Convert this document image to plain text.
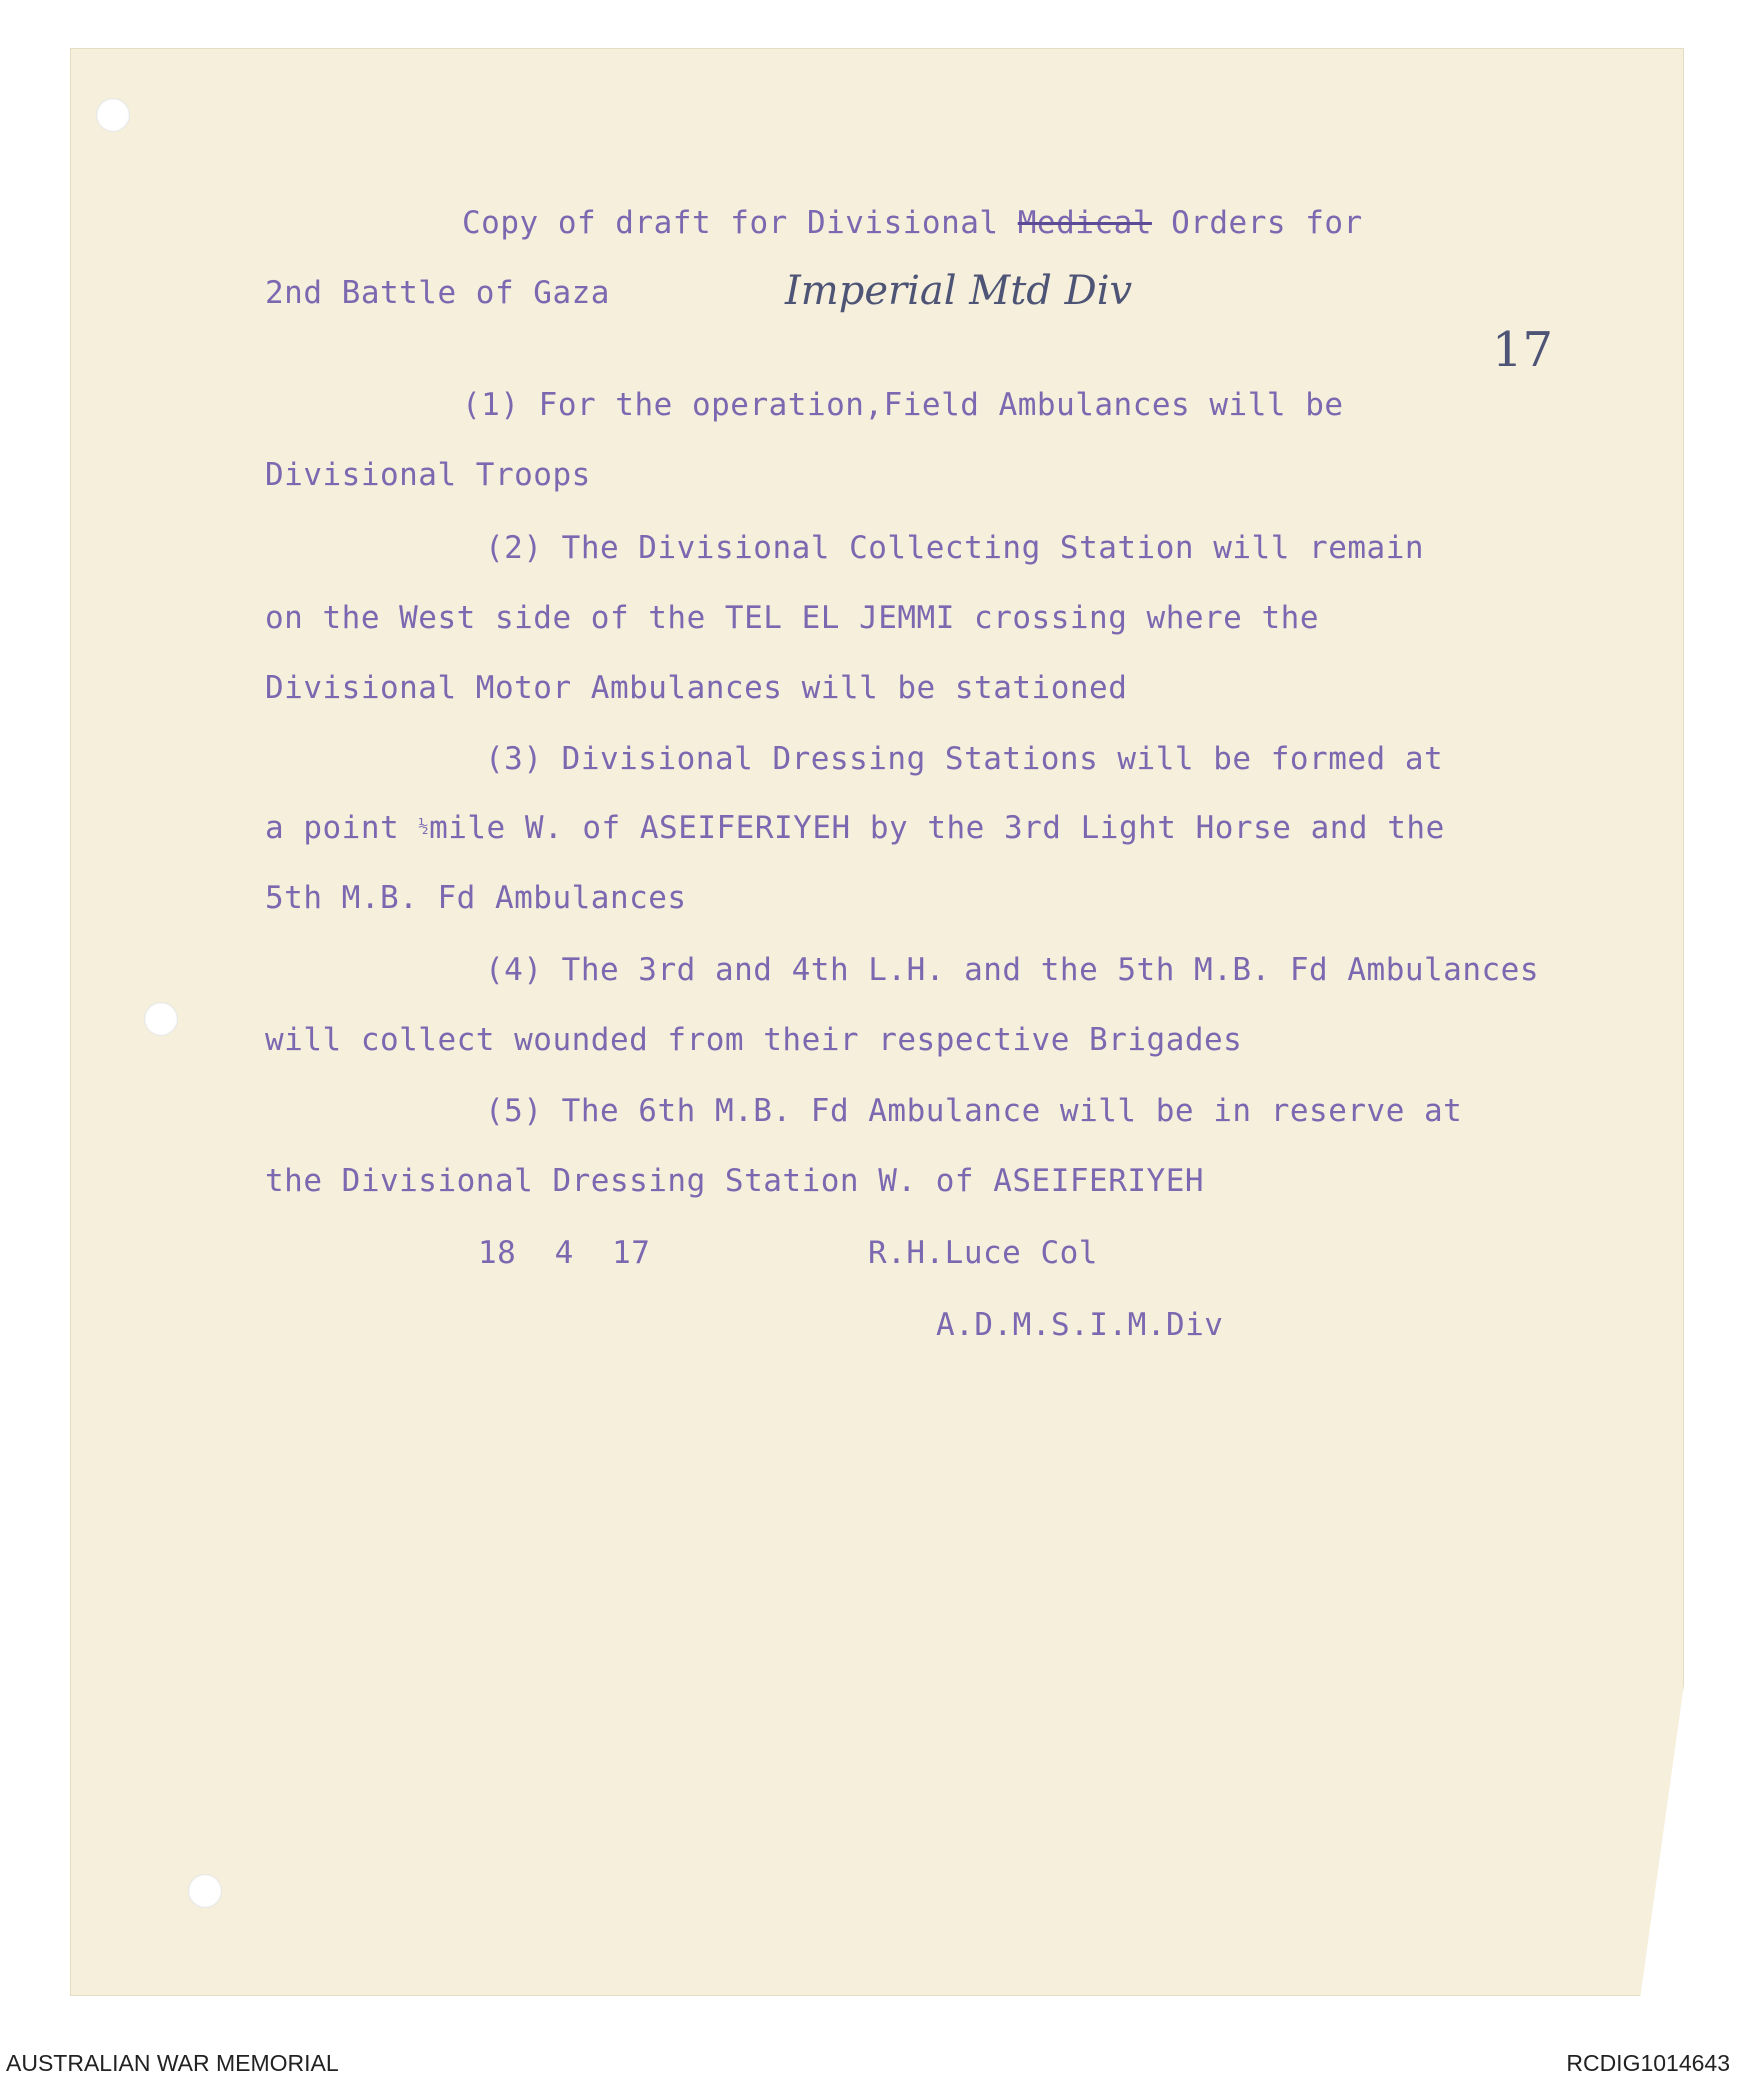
Copy of draft for Divisional Medical Orders for
2nd Battle of Gaza	Imperial Mtd Div
17
(1) For the operation,Field Ambulances will be
Divisional Troops
(2) The Divisional Collecting Station will remain
on the West side of the TEL EL JEMMI crossing where the
Divisional Motor Ambulances will be stationed
(3) Divisional Dressing Stations will be formed at
a point ½mile W. of ASEIFERIYEH by the 3rd Light Horse and the
5th M.B. Fd Ambulances
(4) The 3rd and 4th L.H. and the 5th M.B. Fd Ambulances
will collect wounded from their respective Brigades
(5) The 6th M.B. Fd Ambulance will be in reserve at
the Divisional Dressing Station W. of ASEIFERIYEH
18  4  17	R.H.Luce Col
A.D.M.S.I.M.Div
AUSTRALIAN WAR MEMORIAL	RCDIG1014643
